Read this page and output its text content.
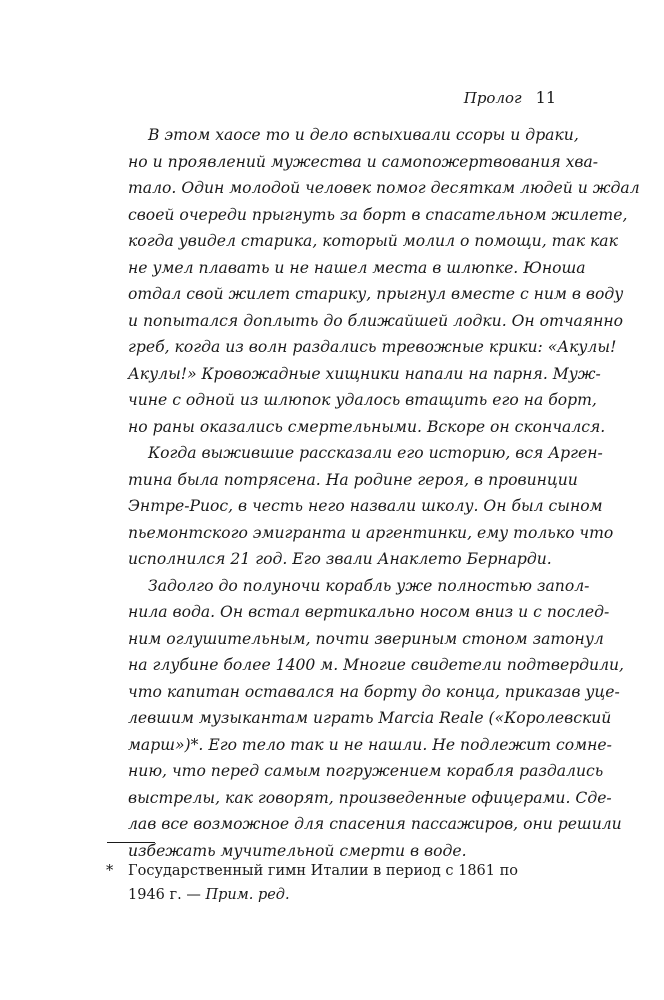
Пролог 11
В этом хаосе то и дело вспыхивали ссоры и драки,
но и проявлений мужества и самопожертвования хва-
тало. Один молодой человек помог десяткам людей и ждал
своей очереди прыгнуть за борт в спасательном жилете,
когда увидел старика, который молил о помощи, так как
не умел плавать и не нашел места в шлюпке. Юноша
отдал свой жилет старику, прыгнул вместе с ним в воду
и попытался доплыть до ближайшей лодки. Он отчаянно
греб, когда из волн раздались тревожные крики: «Акулы!
Акулы!» Кровожадные хищники напали на парня. Муж-
чине с одной из шлюпок удалось втащить его на борт,
но раны оказались смертельными. Вскоре он скончался.
Когда выжившие рассказали его историю, вся Арген-
тина была потрясена. На родине героя, в провинции
Энтре-Риос, в честь него назвали школу. Он был сыном
пьемонтского эмигранта и аргентинки, ему только что
исполнился 21 год. Его звали Анаклето Бернарди.
Задолго до полуночи корабль уже полностью запол-
нила вода. Он встал вертикально носом вниз и с послед-
ним оглушительным, почти звериным стоном затонул
на глубине более 1400 м. Многие свидетели подтвердили,
что капитан оставался на борту до конца, приказав уце-
левшим музыкантам играть Marcia Reale («Королевский
марш»)*. Его тело так и не нашли. Не подлежит сомне-
нию, что перед самым погружением корабля раздались
выстрелы, как говорят, произведенные офицерами. Сде-
лав все возможное для спасения пассажиров, они решили
избежать мучительной смерти в воде.
* Государственный гимн Италии в период с 1861 по 1946 г. — Прим. ред.
